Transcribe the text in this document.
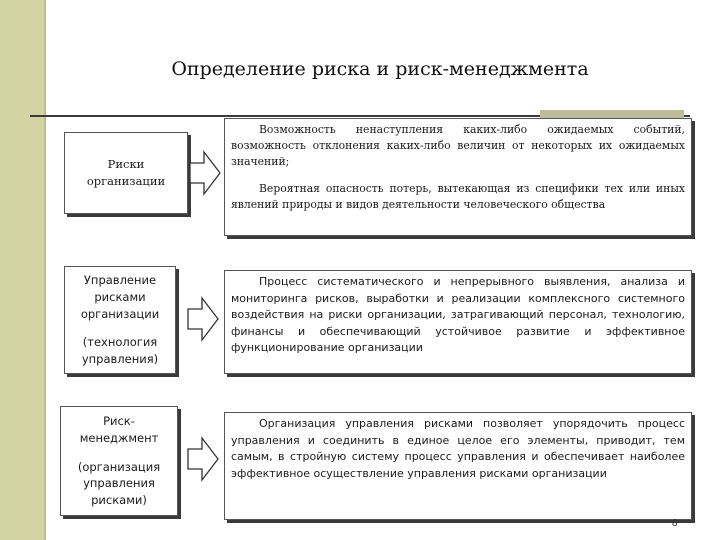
Определение риска и риск-менеджмента
Риски
организации

Возможность ненаступления каких-либо ожидаемых событий, возможность отклонения каких-либо величин от некоторых их ожидаемых значений;

Вероятная опасность потерь, вытекающая из специфики тех или иных явлений природы и видов деятельности человеческого общества

Управление
рисками
организации
(технология
управления)

Процесс систематического и непрерывного выявления, анализа и мониторинга рисков, выработки и реализации комплексного системного воздействия на риски организации, затрагивающий персонал, технологию, финансы и обеспечивающий устойчивое развитие и эффективное функционирование организации

Риск-
менеджмент
(организация
управления
рисками)

Организация управления рисками позволяет упорядочить процесс управления и соединить в единое целое его элементы, приводит, тем самым, в стройную систему процесс управления и обеспечивает наиболее эффективное осуществление управления рисками организации

8
